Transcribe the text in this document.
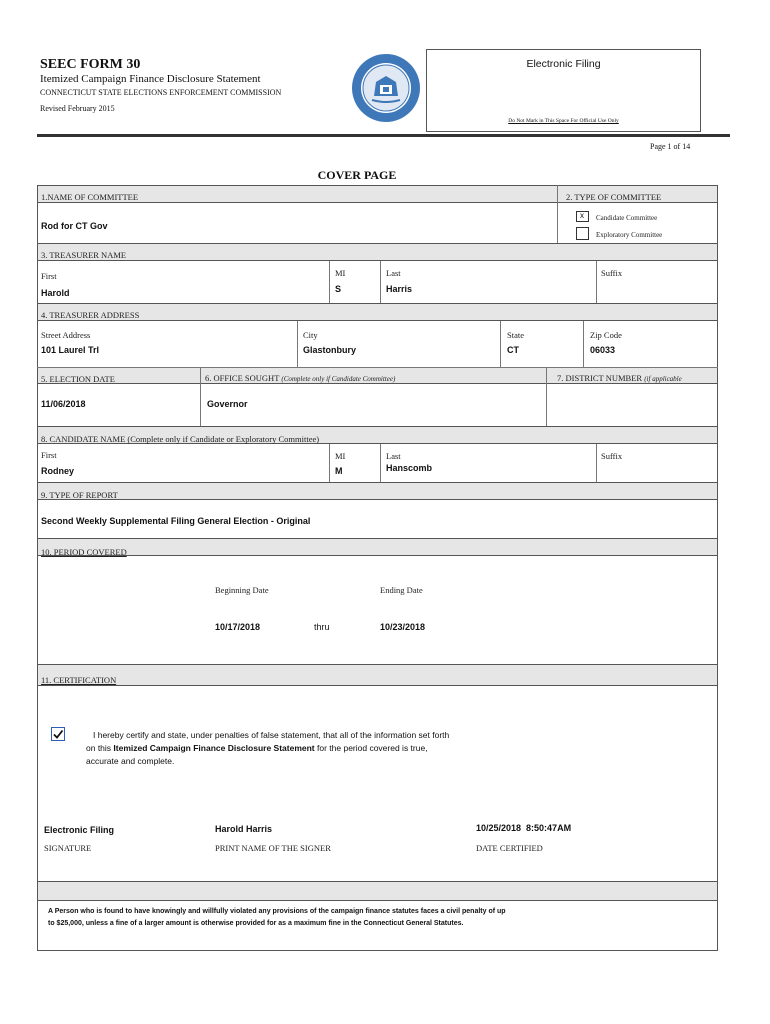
SEEC FORM 30
Itemized Campaign Finance Disclosure Statement
CONNECTICUT STATE ELECTIONS ENFORCEMENT COMMISSION
Revised February 2015
Electronic Filing
Do Not Mark in This Space For Official Use Only
Page 1 of 14
COVER PAGE
1.NAME OF COMMITTEE	2. TYPE OF COMMITTEE
Rod for CT Gov
x Candidate Committee
Exploratory Committee
3. TREASURER NAME
First
Harold
MI
S
Last
Harris
Suffix
4. TREASURER ADDRESS
Street Address
101 Laurel Trl
City
Glastonbury
State
CT
Zip Code
06033
5. ELECTION DATE	6. OFFICE SOUGHT (Complete only if Candidate Committee)	7. DISTRICT NUMBER (if applicable
11/06/2018	Governor
8. CANDIDATE NAME (Complete only if Candidate or Exploratory Committee)
First
Rodney
MI
M
Last
Hanscomb
Suffix
9. TYPE OF REPORT
Second Weekly Supplemental Filing General Election - Original
10. PERIOD COVERED
Beginning Date	Ending Date
10/17/2018	thru	10/23/2018
11. CERTIFICATION
I hereby certify and state, under penalties of false statement, that all of the information set forth
on this Itemized Campaign Finance Disclosure Statement for the period covered is true,
accurate and complete.
Electronic Filing
SIGNATURE
Harold Harris
PRINT NAME OF THE SIGNER
10/25/2018  8:50:47AM
DATE CERTIFIED
A Person who is found to have knowingly and willfully violated any provisions of the campaign finance statutes faces a civil penalty of up
to $25,000, unless a fine of a larger amount is otherwise provided for as a maximum fine in the Connecticut General Statutes.
